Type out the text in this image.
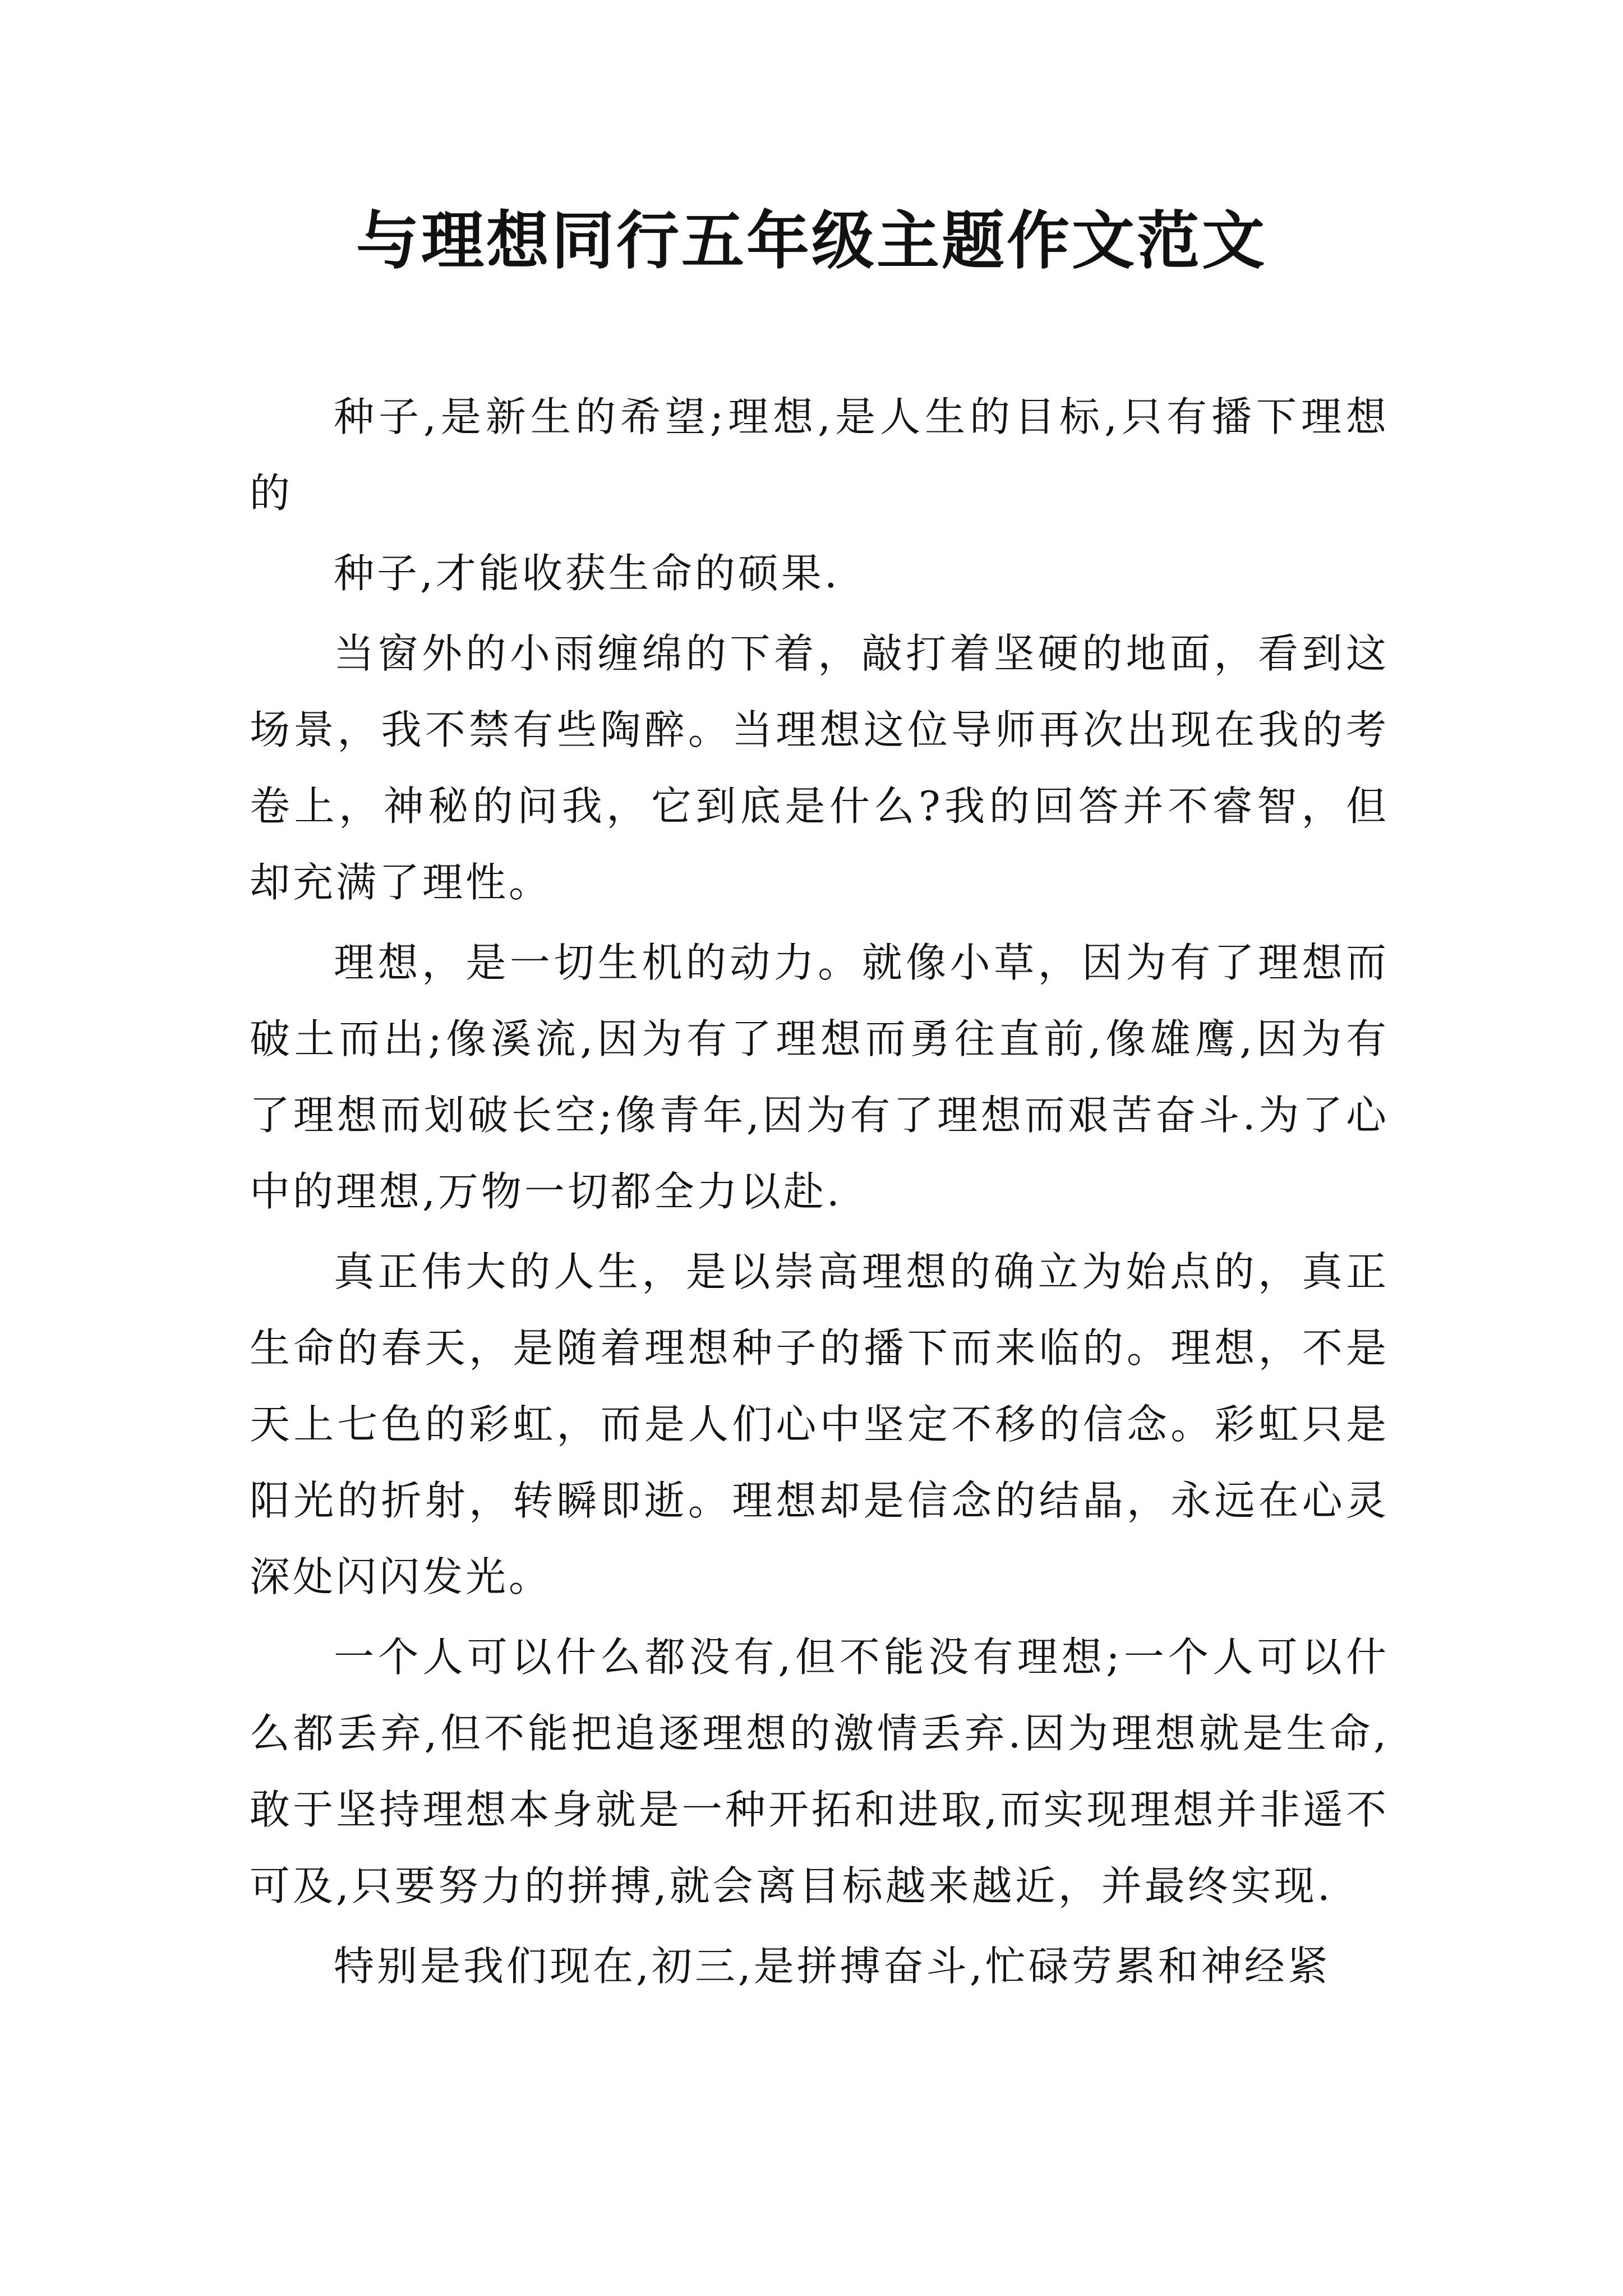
与理想同行五年级主题作文范文

种子,是新生的希望;理想,是人生的目标,只有播下理想的

种子,才能收获生命的硕果.

当窗外的小雨缠绵的下着，敲打着坚硬的地面，看到这场景，我不禁有些陶醉。当理想这位导师再次出现在我的考卷上，神秘的问我，它到底是什么?我的回答并不睿智，但却充满了理性。

理想，是一切生机的动力。就像小草，因为有了理想而破土而出;像溪流,因为有了理想而勇往直前,像雄鹰,因为有了理想而划破长空;像青年,因为有了理想而艰苦奋斗.为了心中的理想,万物一切都全力以赴.

真正伟大的人生，是以崇高理想的确立为始点的，真正生命的春天，是随着理想种子的播下而来临的。理想，不是天上七色的彩虹，而是人们心中坚定不移的信念。彩虹只是阳光的折射，转瞬即逝。理想却是信念的结晶，永远在心灵深处闪闪发光。

一个人可以什么都没有,但不能没有理想;一个人可以什么都丢弃,但不能把追逐理想的激情丢弃.因为理想就是生命,敢于坚持理想本身就是一种开拓和进取,而实现理想并非遥不可及,只要努力的拼搏,就会离目标越来越近，并最终实现.

特别是我们现在,初三,是拼搏奋斗,忙碌劳累和神经紧
